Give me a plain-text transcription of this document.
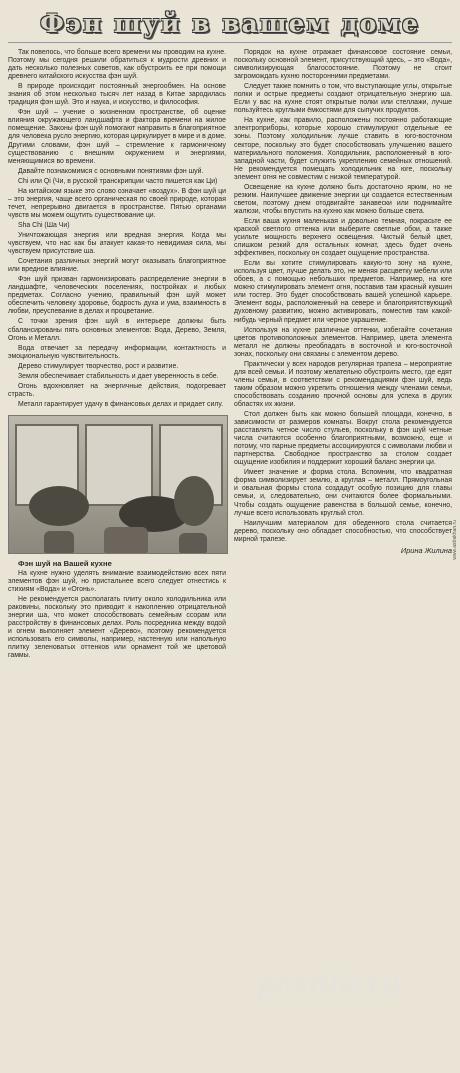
Фэн шуй в вашем доме

Так повелось, что больше всего времени мы проводим на кухне. Поэтому мы сегодня решили обратиться к мудрости древних и дать несколько полезных советов, как обустроить ее при помощи древнего китайского искусства фэн шуй.

В природе происходит постоянный энергообмен. На основе знания об этом несколько тысяч лет назад в Китае зародилась традиция фэн шуй. Это и наука, и искусство, и философия.

Фэн шуй – учение о жизненном пространстве, об оценке влияния окружающего ландшафта и фактора времени на жилое помещение. Законы фэн шуй помогают направить в благоприятное для человека русло энергию, которая циркулирует в мире и в доме. Другими словами, фэн шуй – стремление к гармоничному существованию с внешним окружением и энергиями, меняющимися во времени.

Давайте познакомимся с основными понятиями фэн шуй.

Chi или Qi (Чи, в русской транскрипции часто пишется как Ци)

На китайском языке это слово означает «воздух». В фэн шуй ци – это энергия, чаще всего органическая по своей природе, которая течет, непрерывно двигается в пространстве. Пятью органами чувств мы можем ощутить существование ци.

Sha Chi (Ша Чи)

Уничтожающая энергия или вредная энергия. Когда мы чувствуем, что нас как бы атакует какая-то невидимая сила, мы чувствуем присутствие ша.

Сочетания различных энергий могут оказывать благоприятное или вредное влияние.

Фэн шуй призван гармонизировать распределение энергии в ландшафте, человеческих поселениях, постройках и любых предметах. Согласно учению, правильный фэн шуй может обеспечить человеку здоровье, бодрость духа и ума, взаимность в любви, преуспевание в делах и процветание.

С точки зрения фэн шуй в интерьере должны быть сбалансированы пять основных элементов: Вода, Дерево, Земля, Огонь и Металл.

Вода отвечает за передачу информации, контактность и эмоциональную чувствительность.

Дерево стимулирует творчество, рост и развитие.

Земля обеспечивает стабильность и дает уверенность в себе.

Огонь вдохновляет на энергичные действия, подогревает страсть.

Металл гарантирует удачу в финансовых делах и придает силу.

Фэн шуй на Вашей кухне

На кухне нужно уделять внимание взаимодействию всех пяти элементов фэн шуй, но пристальнее всего следует отнестись к стихиям «Вода» и «Огонь».

Не рекомендуется располагать плиту около холодильника или раковины, поскольку это приводит к накоплению отрицательной энергии ша, что может способствовать семейным ссорам или расстройству в финансовых делах. Роль посредника между водой и огнем выполняет элемент «Дерево», поэтому рекомендуется использовать его символы, например, настенную или напольную плитку зеленоватых оттенков или орнамент той же цветовой гаммы.

Порядок на кухне отражает финансовое состояние семьи, поскольку основной элемент, присутствующий здесь, – это «Вода», символизирующая благосостояние. Поэтому не стоит загромождать кухню посторонними предметами.

Следует также помнить о том, что выступающие углы, открытые полки и острые предметы создают отрицательную энергию ша. Если у вас на кухне стоят открытые полки или стеллажи, лучше пользуйтесь круглыми ёмкостями для сыпучих продуктов.

На кухне, как правило, расположены постоянно работающие электроприборы, которые хорошо стимулируют отдельные ее зоны. Поэтому холодильник лучше ставить в юго-восточном секторе, поскольку это будет способствовать улучшению вашего материального положения. Холодильник, расположенный в юго-западной части, будет служить укреплению семейных отношений. Не рекомендуется помещать холодильник на юге, поскольку элемент огня не совместим с низкой температурой.

Освещение на кухне должно быть достаточно ярким, но не резким. Наилучшее движение энергии ци создается естественным светом, поэтому днем отодвигайте занавески или поднимайте жалюзи, чтобы впустить на кухню как можно больше света.

Если ваша кухня маленькая и довольно темная, покрасьте ее краской светлого оттенка или выберите светлые обои, а также усильте мощность верхнего освещения. Чистый белый цвет, слишком резкий для остальных комнат, здесь будет очень эффективен, поскольку он создает ощущение пространства.

Если вы хотите стимулировать какую-то зону на кухне, используя цвет, лучше делать это, не меняя расцветку мебели или обоев, а с помощью небольших предметов. Например, на юге можно стимулировать элемент огня, поставив там красный кувшин или тостер. Это будет способствовать вашей успешной карьере. Элемент воды, расположенный на севере и благоприятствующий духовному развитию, можно активировать, поместив там какой-нибудь черный предмет или черное украшение.

Используя на кухне различные оттенки, избегайте сочетания цветов противоположных элементов. Например, цвета элемента металл не должны преобладать в восточной и юго-восточной зонах, поскольку они связаны с элементом дерево.

Практически у всех народов регулярная трапеза – мероприятие для всей семьи. И поэтому желательно обустроить место, где едят члены семьи, в соответствии с рекомендациями фэн шуй, ведь таким образом можно укрепить отношения между членами семьи, способствовать созданию прочной основы для успеха в других областях их жизни.

Стол должен быть как можно большей площади, конечно, в зависимости от размеров комнаты. Вокруг стола рекомендуется расставлять четное число стульев, поскольку в фэн шуй четные числа считаются особенно благоприятными, возможно, еще и потому, что парные предметы ассоциируются с символами любви и партнерства. Свободное пространство за столом создает ощущение изобилия и поддержит хороший баланс энергии ци.

Имеет значение и форма стола. Вспомним, что квадратная форма символизирует землю, а круглая – металл. Прямоугольная и овальная формы стола создадут особую позицию для главы семьи, и, следовательно, они считаются более формальными. Чтобы создать ощущение равенства в большой семье, конечно, лучше всего использовать круглый стол.

Наилучшим материалом для обеденного стола считается дерево, поскольку оно обладает способностью, что способствует мирной трапезе.

Ирина Жилина
postila.ru
www.astrakhan.ru
